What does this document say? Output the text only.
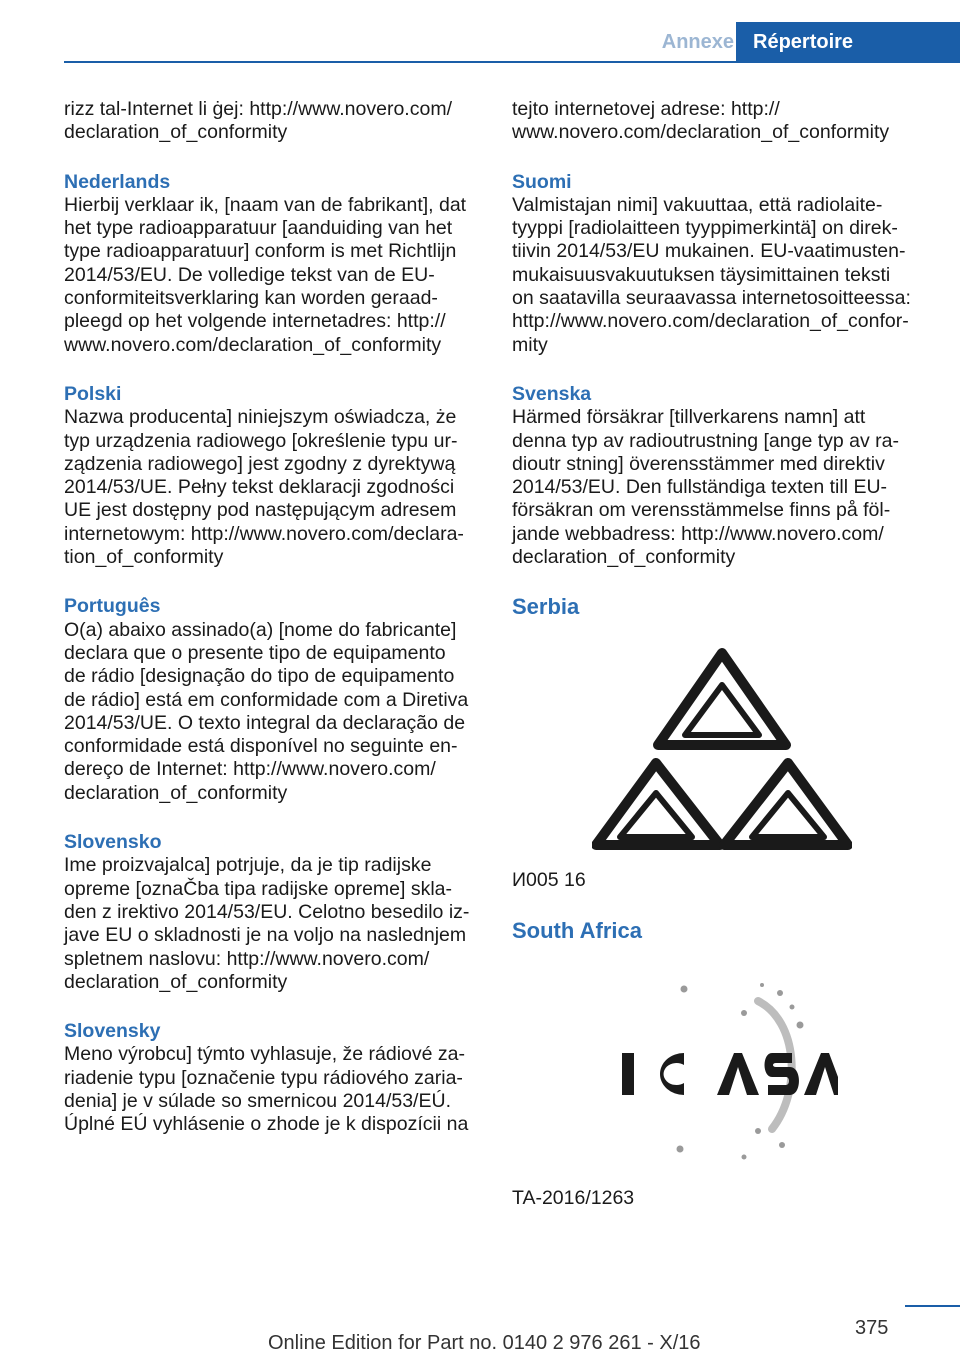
Annexe Répertoire

rizz tal-Internet li ġej: http://www.novero.com/
declaration_of_conformity

Nederlands

Hierbij verklaar ik, [naam van de fabrikant], dat
het type radioapparatuur [aanduiding van het
type radioapparatuur] conform is met Richtlijn
2014/53/EU. De volledige tekst van de EU-
conformiteitsverklaring kan worden geraad‐
pleegd op het volgende internetadres: http://
www.novero.com/declaration_of_conformity

Polski

Nazwa producenta] niniejszym oświadcza, że
typ urządzenia radiowego [określenie typu ur‐
ządzenia radiowego] jest zgodny z dyrektywą
2014/53/UE. Pełny tekst deklaracji zgodności
UE jest dostępny pod następującym adresem
internetowym: http://www.novero.com/declara‐
tion_of_conformity

Português

O(a) abaixo assinado(a) [nome do fabricante]
declara que o presente tipo de equipamento
de rádio [designação do tipo de equipamento
de rádio] está em conformidade com a Diretiva
2014/53/UE. O texto integral da declaração de
conformidade está disponível no seguinte en‐
dereço de Internet: http://www.novero.com/
declaration_of_conformity

Slovensko

Ime proizvajalca] potrjuje, da je tip radijske
opreme [oznaČba tipa radijske opreme] skla‐
den z irektivo 2014/53/EU. Celotno besedilo iz‐
jave EU o skladnosti je na voljo na naslednjem
spletnem naslovu: http://www.novero.com/
declaration_of_conformity

Slovensky

Meno výrobcu] týmto vyhlasuje, že rádiové za‐
riadenie typu [označenie typu rádiového zaria‐
denia] je v súlade so smernicou 2014/53/EÚ.
Úplné EÚ vyhlásenie o zhode je k dispozícii na

tejto internetovej adrese: http://
www.novero.com/declaration_of_conformity

Suomi

Valmistajan nimi] vakuuttaa, että radiolaite‐
tyyppi [radiolaitteen tyyppimerkintä] on direk‐
tiivin 2014/53/EU mukainen. EU-vaatimusten‐
mukaisuusvakuutuksen täysimittainen teksti
on saatavilla seuraavassa internetosoitteessa:
http://www.novero.com/declaration_of_confor‐
mity

Svenska

Härmed försäkrar [tillverkarens namn] att
denna typ av radioutrustning [ange typ av ra‐
dioutr stning] överensstämmer med direktiv
2014/53/EU. Den fullständiga texten till EU-
försäkran om verensstämmelse finns på föl‐
jande webbadress: http://www.novero.com/
declaration_of_conformity

Serbia
И005 16
South Africa
TA-2016/1263
375
Online Edition for Part no. 0140 2 976 261 - X/16
